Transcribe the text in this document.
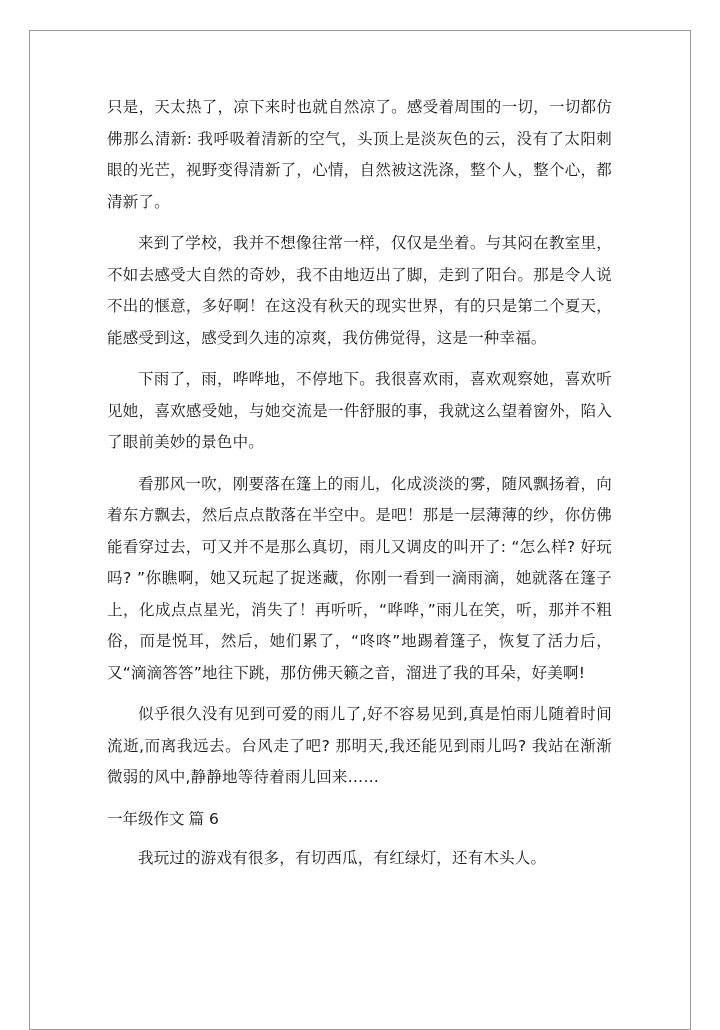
只是，天太热了，凉下来时也就自然凉了。感受着周围的一切，一切都仿佛那么清新: 我呼吸着清新的空气，头顶上是淡灰色的云，没有了太阳刺眼的光芒，视野变得清新了，心情，自然被这洗涤，整个人，整个心，都清新了。

来到了学校，我并不想像往常一样，仅仅是坐着。与其闷在教室里，不如去感受大自然的奇妙，我不由地迈出了脚，走到了阳台。那是令人说不出的惬意，多好啊！在这没有秋天的现实世界，有的只是第二个夏天，能感受到这，感受到久违的凉爽，我仿佛觉得，这是一种幸福。

下雨了，雨，哗哗地，不停地下。我很喜欢雨，喜欢观察她，喜欢听见她，喜欢感受她，与她交流是一件舒服的事，我就这么望着窗外，陷入了眼前美妙的景色中。

看那风一吹，刚要落在篷上的雨儿，化成淡淡的雾，随风飘扬着，向着东方飘去，然后点点散落在半空中。是吧！那是一层薄薄的纱，你仿佛能看穿过去，可又并不是那么真切，雨儿又调皮的叫开了: “怎么样? 好玩吗? ”你瞧啊，她又玩起了捉迷藏，你刚一看到一滴雨滴，她就落在篷子上，化成点点星光，消失了！再听听，“哗哗，”雨儿在笑，听，那并不粗俗，而是悦耳，然后，她们累了，“咚咚”地踢着篷子，恢复了活力后，又“滴滴答答”地往下跳，那仿佛天籁之音，溜进了我的耳朵，好美啊!

似乎很久没有见到可爱的雨儿了,好不容易见到,真是怕雨儿随着时间流逝,而离我远去。台风走了吧? 那明天,我还能见到雨儿吗? 我站在渐渐微弱的风中,静静地等待着雨儿回来……

一年级作文 篇 6

我玩过的游戏有很多，有切西瓜，有红绿灯，还有木头人。
